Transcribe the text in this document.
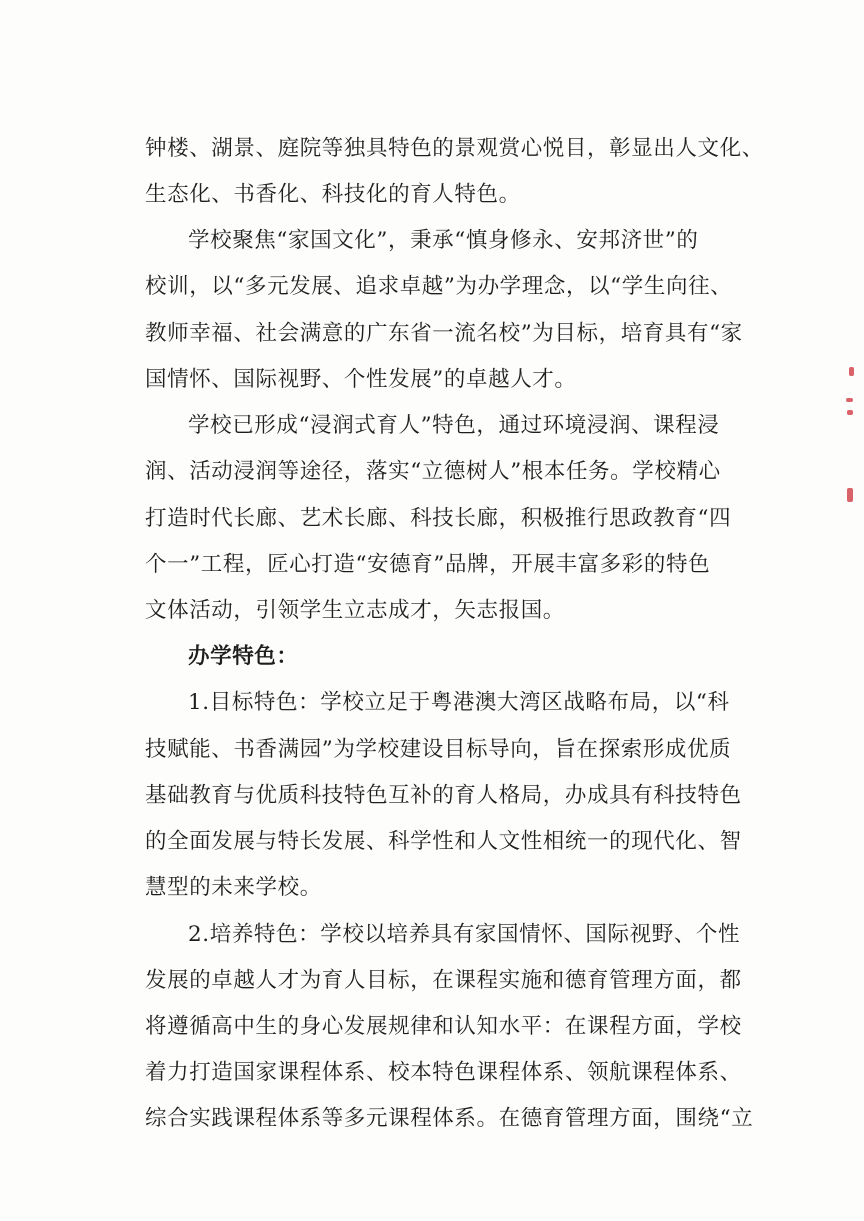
钟楼、湖景、庭院等独具特色的景观赏心悦目，彰显出人文化、
生态化、书香化、科技化的育人特色。
学校聚焦“家国文化”，秉承“慎身修永、安邦济世”的
校训，以“多元发展、追求卓越”为办学理念，以“学生向往、
教师幸福、社会满意的广东省一流名校”为目标，培育具有“家
国情怀、国际视野、个性发展”的卓越人才。
学校已形成“浸润式育人”特色，通过环境浸润、课程浸
润、活动浸润等途径，落实“立德树人”根本任务。学校精心
打造时代长廊、艺术长廊、科技长廊，积极推行思政教育“四
个一”工程，匠心打造“安德育”品牌，开展丰富多彩的特色
文体活动，引领学生立志成才，矢志报国。
办学特色：
1.目标特色：学校立足于粤港澳大湾区战略布局，以“科
技赋能、书香满园”为学校建设目标导向，旨在探索形成优质
基础教育与优质科技特色互补的育人格局，办成具有科技特色
的全面发展与特长发展、科学性和人文性相统一的现代化、智
慧型的未来学校。
2.培养特色：学校以培养具有家国情怀、国际视野、个性
发展的卓越人才为育人目标，在课程实施和德育管理方面，都
将遵循高中生的身心发展规律和认知水平：在课程方面，学校
着力打造国家课程体系、校本特色课程体系、领航课程体系、
综合实践课程体系等多元课程体系。在德育管理方面，围绕“立
